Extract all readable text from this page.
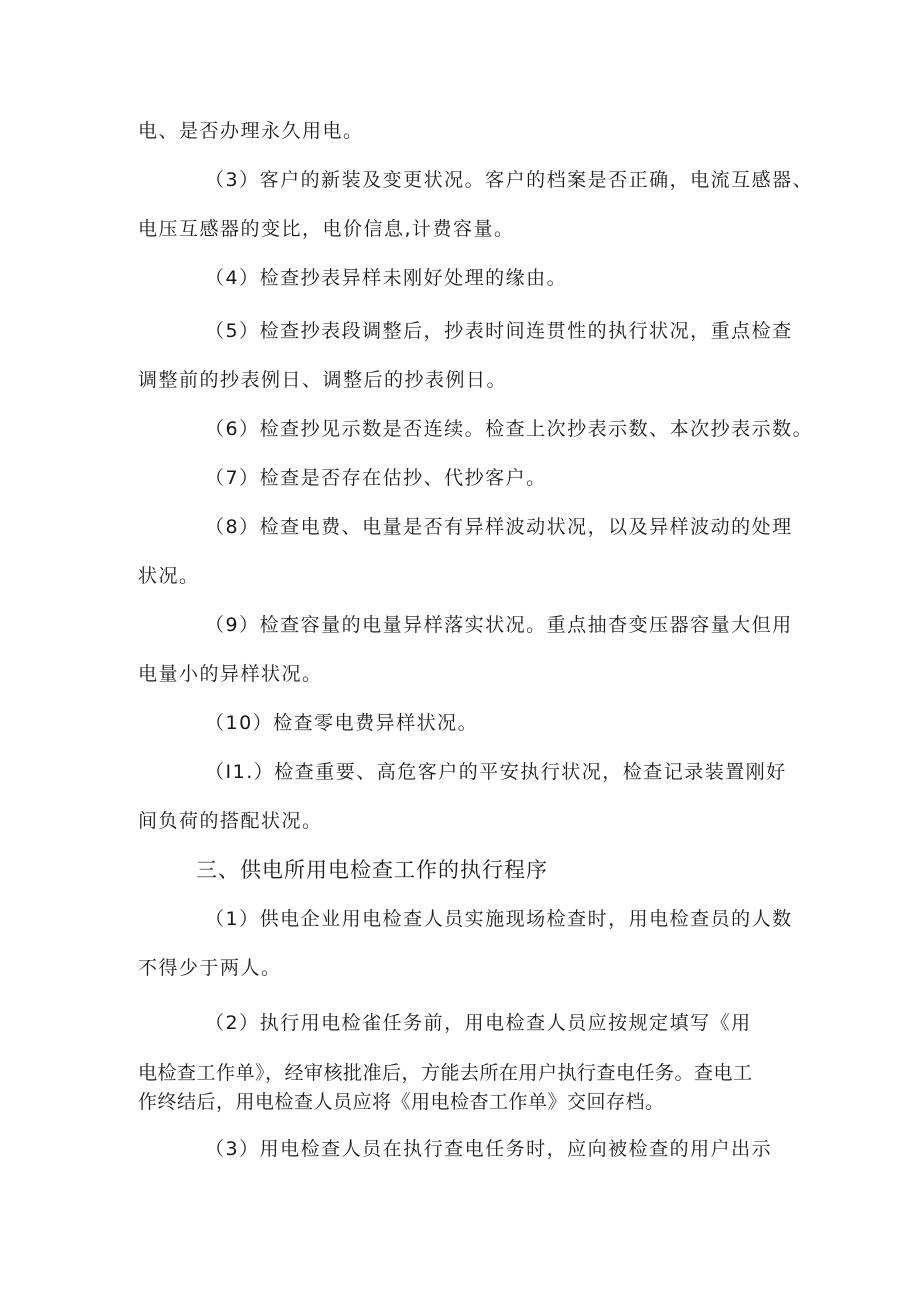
电、是否办理永久用电。
（3）客户的新装及变更状况。客户的档案是否正确，电流互感器、
电压互感器的变比，电价信息,计费容量。
（4）检查抄表异样未刚好处理的缘由。
（5）检查抄表段调整后，抄表时间连贯性的执行状况，重点检查
调整前的抄表例日、调整后的抄表例日。
（6）检查抄见示数是否连续。检查上次抄表示数、本次抄表示数。
（7）检查是否存在估抄、代抄客户。
（8）检查电费、电量是否有异样波动状况，以及异样波动的处理
状况。
（9）检查容量的电量异样落实状况。重点抽杳变压器容量大但用
电量小的异样状况。
（10）检查零电费异样状况。
（I1.）检查重要、高危客户的平安执行状况，检查记录装置刚好
间负荷的搭配状况。
三、供电所用电检查工作的执行程序
（1）供电企业用电检查人员实施现场检查时，用电检查员的人数
不得少于两人。
（2）执行用电检雀任务前，用电检查人员应按规定填写《用
电检查工作单》，经审核批准后，方能去所在用户执行查电任务。查电工
作终结后，用电检查人员应将《用电检杳工作单》交回存档。
（3）用电检查人员在执行查电任务时，应向被检查的用户出示
